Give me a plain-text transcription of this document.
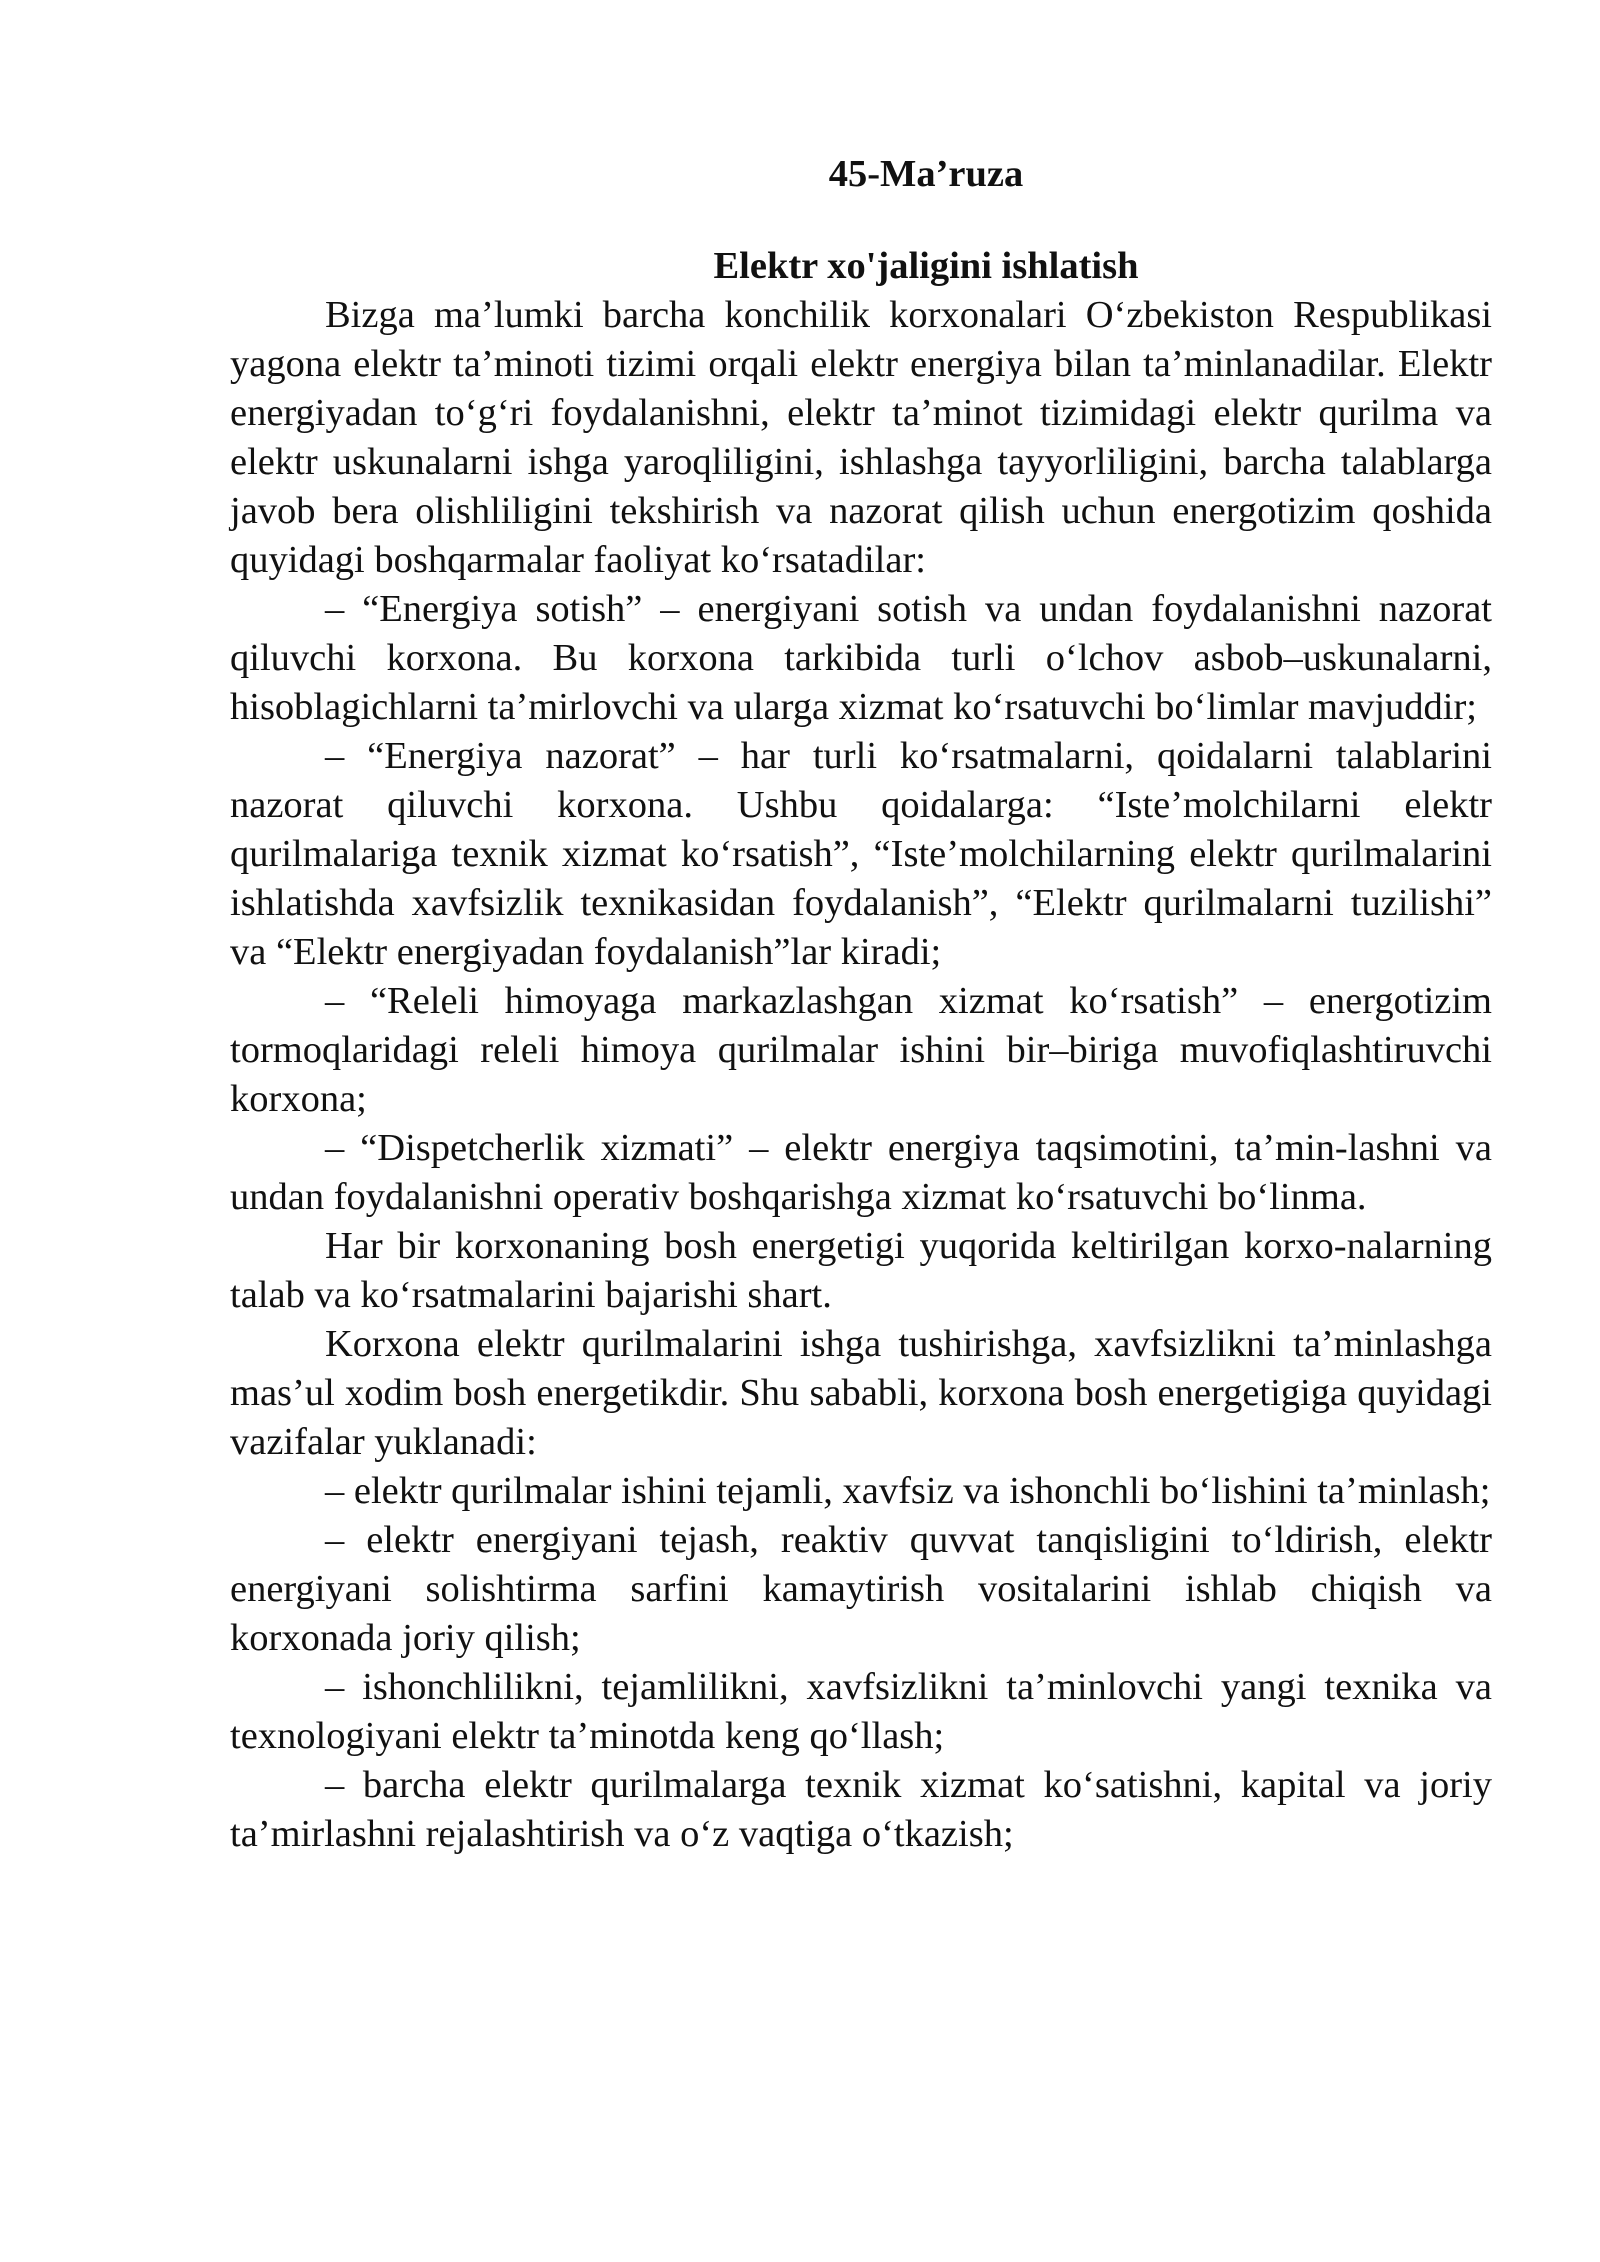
45-Ma’ruza
Elektr xo'jaligini ishlatish

Bizga ma’lumki barcha konchilik korxonalari O‘zbekiston Respublikasi yagona elektr ta’minoti tizimi orqali elektr energiya bilan ta’minlanadilar. Elektr energiyadan to‘g‘ri foydalanishni, elektr ta’minot tizimidagi elektr qurilma va elektr uskunalarni ishga yaroqliligini, ishlashga tayyorliligini, barcha talablarga javob bera olishliligini tekshirish va nazorat qilish uchun energotizim qoshida quyidagi boshqarmalar faoliyat ko‘rsatadilar:

– “Energiya sotish” – energiyani sotish va undan foydalanishni nazorat qiluvchi korxona. Bu korxona tarkibida turli o‘lchov asbob–uskunalarni, hisoblagichlarni ta’mirlovchi va ularga xizmat ko‘rsatuvchi bo‘limlar mavjuddir;

– “Energiya nazorat” – har turli ko‘rsatmalarni, qoidalarni talablarini nazorat qiluvchi korxona. Ushbu qoidalarga: “Iste’molchilarni elektr qurilmalariga texnik xizmat ko‘rsatish”, “Iste’molchilarning elektr qurilmalarini ishlatishda xavfsizlik texnikasidan foydalanish”, “Elektr qurilmalarni tuzilishi” va “Elektr energiyadan foydalanish”lar kiradi;

– “Releli himoyaga markazlashgan xizmat ko‘rsatish” – energotizim tormoqlaridagi releli himoya qurilmalar ishini bir–biriga muvofiqlashtiruvchi korxona;

– “Dispetcherlik xizmati” – elektr energiya taqsimotini, ta’min-lashni va undan foydalanishni operativ boshqarishga xizmat ko‘rsatuvchi bo‘linma.

Har bir korxonaning bosh energetigi yuqorida keltirilgan korxo-nalarning talab va ko‘rsatmalarini bajarishi shart.

Korxona elektr qurilmalarini ishga tushirishga, xavfsizlikni ta’minlashga mas’ul xodim bosh energetikdir. Shu sababli, korxona bosh energetigiga quyidagi vazifalar yuklanadi:

– elektr qurilmalar ishini tejamli, xavfsiz va ishonchli bo‘lishini ta’minlash;

– elektr energiyani tejash, reaktiv quvvat tanqisligini to‘ldirish, elektr energiyani solishtirma sarfini kamaytirish vositalarini ishlab chiqish va korxonada joriy qilish;

– ishonchlilikni, tejamlilikni, xavfsizlikni ta’minlovchi yangi texnika va texnologiyani elektr ta’minotda keng qo‘llash;

– barcha elektr qurilmalarga texnik xizmat ko‘satishni, kapital va joriy ta’mirlashni rejalashtirish va o‘z vaqtiga o‘tkazish;
